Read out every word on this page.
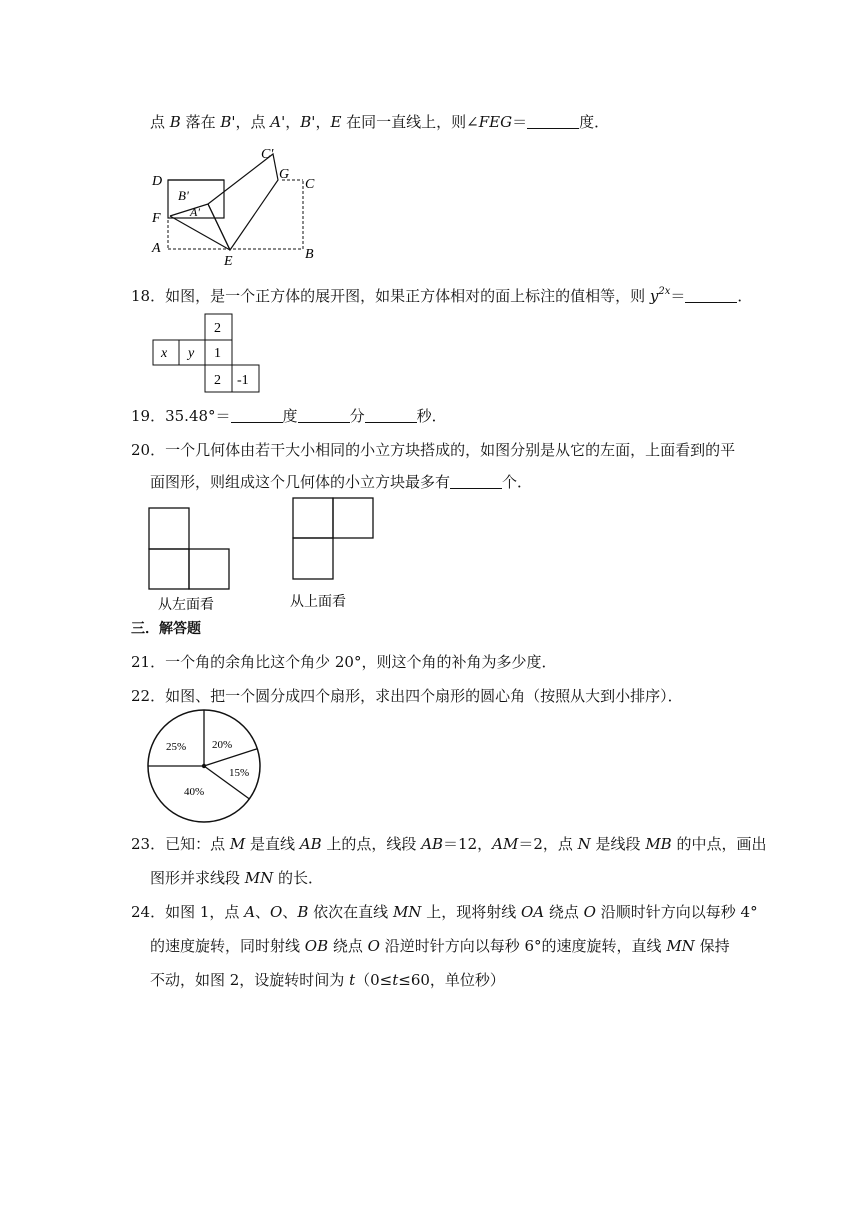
点 B 落在 B'，点 A'，B'，E 在同一直线上，则∠FEG＝	度．
C'
G
C
D
B'
A'
F
A	B
E
18．如图，是一个正方体的展开图，如果正方体相对的面上标注的值相等，则 $y^{2x}=$	．
2
x y 1
2 -1
19．35.48°＝	度	分	秒．
20．一个几何体由若干大小相同的小立方块搭成的，如图分别是从它的左面，上面看到的平
面图形，则组成这个几何体的小立方块最多有	个．
从左面看	从上面看
三．解答题
21．一个角的余角比这个角少 20°，则这个角的补角为多少度．
22．如图、把一个圆分成四个扇形，求出四个扇形的圆心角（按照从大到小排序）．
25% 20%
15%
40%
23．已知：点 M 是直线 AB 上的点，线段 AB＝12，AM＝2，点 N 是线段 MB 的中点，画出
图形并求线段 MN 的长．
24．如图 1，点 A、O、B 依次在直线 MN 上，现将射线 OA 绕点 O 沿顺时针方向以每秒 4°
的速度旋转，同时射线 OB 绕点 O 沿逆时针方向以每秒 6°的速度旋转，直线 MN 保持
不动，如图 2，设旋转时间为 t（0≤t≤60，单位秒）
